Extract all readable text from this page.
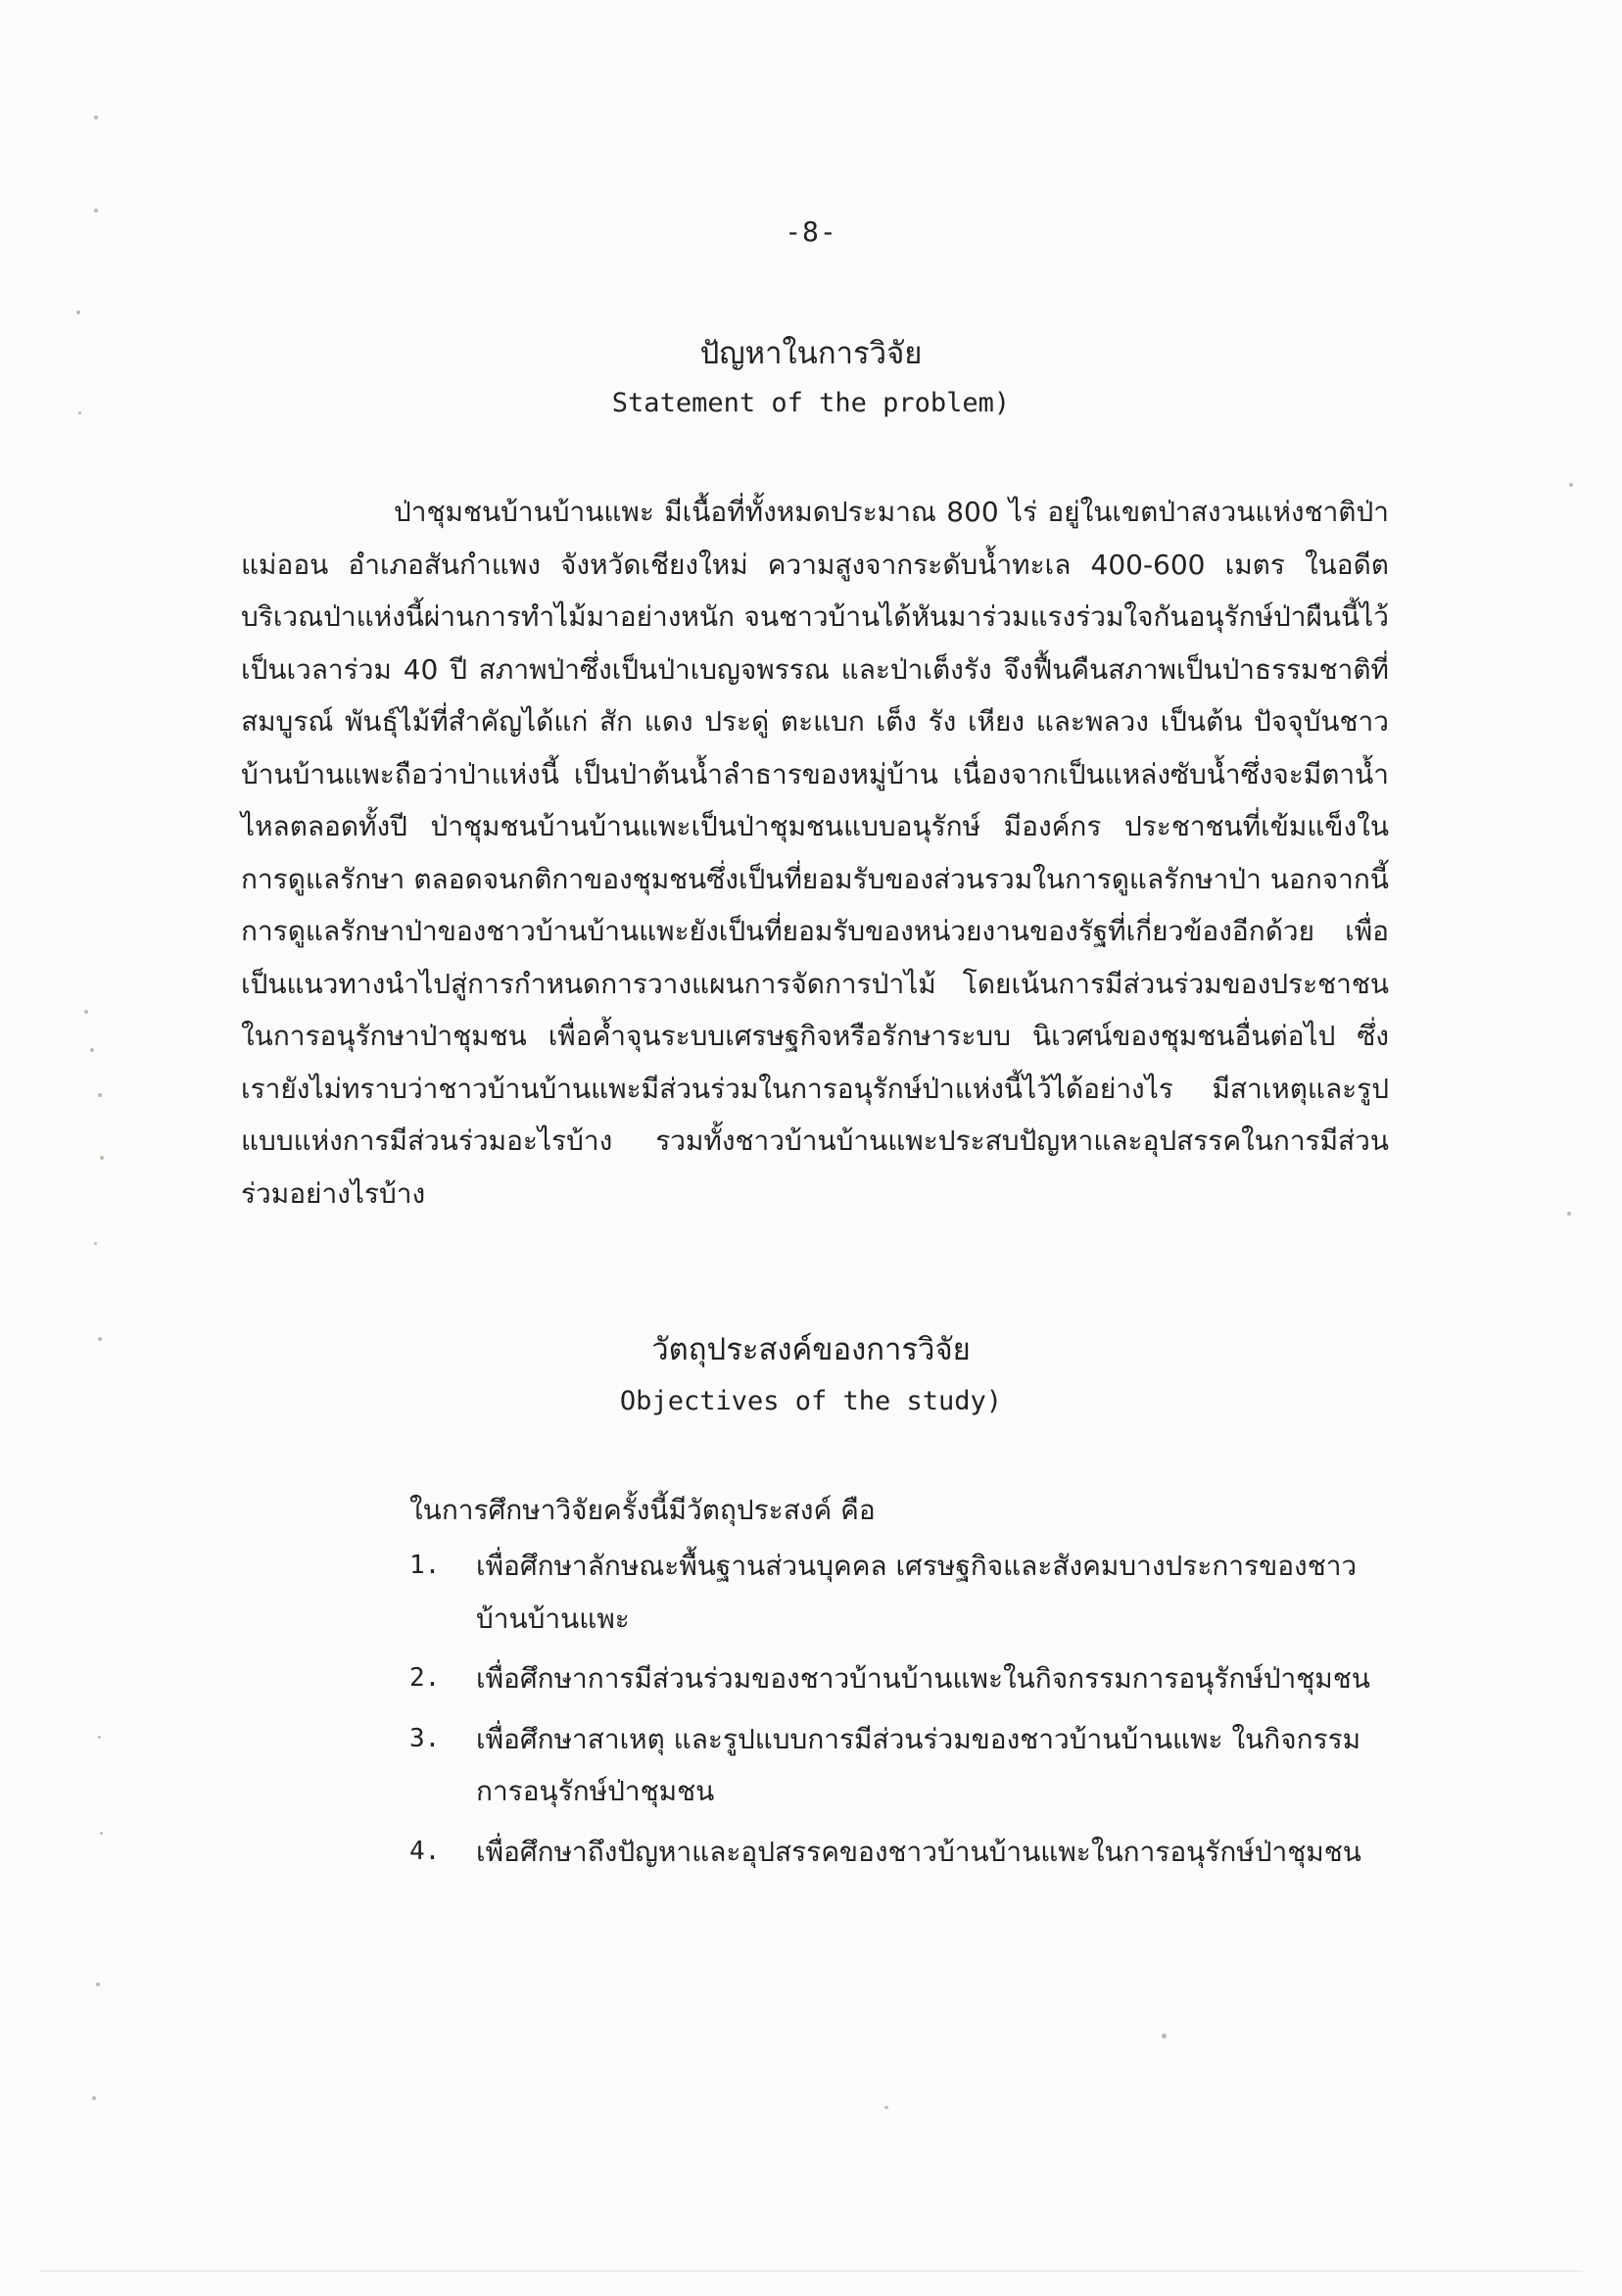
-8-
ปัญหาในการวิจัย
Statement of the problem)

ป่าชุมชนบ้านบ้านแพะ มีเนื้อที่ทั้งหมดประมาณ 800 ไร่ อยู่ในเขตป่าสงวนแห่งชาติป่าแม่ออน อำเภอสันกำแพง จังหวัดเชียงใหม่ ความสูงจากระดับน้ำทะเล 400-600 เมตร ในอดีตบริเวณป่าแห่งนี้ผ่านการทำไม้มาอย่างหนัก จนชาวบ้านได้หันมาร่วมแรงร่วมใจกันอนุรักษ์ป่าผืนนี้ไว้เป็นเวลาร่วม 40 ปี สภาพป่าซึ่งเป็นป่าเบญจพรรณ และป่าเต็งรัง จึงฟื้นคืนสภาพเป็นป่าธรรมชาติที่สมบูรณ์ พันธุ์ไม้ที่สำคัญได้แก่ สัก แดง ประดู่ ตะแบก เต็ง รัง เหียง และพลวง เป็นต้น ปัจจุบันชาวบ้านบ้านแพะถือว่าป่าแห่งนี้ เป็นป่าต้นน้ำลำธารของหมู่บ้าน เนื่องจากเป็นแหล่งซับน้ำซึ่งจะมีตาน้ำไหลตลอดทั้งปี ป่าชุมชนบ้านบ้านแพะเป็นป่าชุมชนแบบอนุรักษ์ มีองค์กร ประชาชนที่เข้มแข็งในการดูแลรักษา ตลอดจนกติกาของชุมชนซึ่งเป็นที่ยอมรับของส่วนรวมในการดูแลรักษาป่า นอกจากนี้การดูแลรักษาป่าของชาวบ้านบ้านแพะยังเป็นที่ยอมรับของหน่วยงานของรัฐที่เกี่ยวข้องอีกด้วย เพื่อเป็นแนวทางนำไปสู่การกำหนดการวางแผนการจัดการป่าไม้ โดยเน้นการมีส่วนร่วมของประชาชนในการอนุรักษาป่าชุมชน เพื่อค้ำจุนระบบเศรษฐกิจหรือรักษาระบบ นิเวศน์ของชุมชนอื่นต่อไป ซึ่งเรายังไม่ทราบว่าชาวบ้านบ้านแพะมีส่วนร่วมในการอนุรักษ์ป่าแห่งนี้ไว้ได้อย่างไร มีสาเหตุและรูปแบบแห่งการมีส่วนร่วมอะไรบ้าง รวมทั้งชาวบ้านบ้านแพะประสบปัญหาและอุปสรรคในการมีส่วนร่วมอย่างไรบ้าง

วัตถุประสงค์ของการวิจัย
Objectives of the study)
ในการศึกษาวิจัยครั้งนี้มีวัตถุประสงค์ คือ
1. เพื่อศึกษาลักษณะพื้นฐานส่วนบุคคล เศรษฐกิจและสังคมบางประการของชาวบ้านบ้านแพะ
2. เพื่อศึกษาการมีส่วนร่วมของชาวบ้านบ้านแพะในกิจกรรมการอนุรักษ์ป่าชุมชน
3. เพื่อศึกษาสาเหตุ และรูปแบบการมีส่วนร่วมของชาวบ้านบ้านแพะ ในกิจกรรมการอนุรักษ์ป่าชุมชน
4. เพื่อศึกษาถึงปัญหาและอุปสรรคของชาวบ้านบ้านแพะในการอนุรักษ์ป่าชุมชน
